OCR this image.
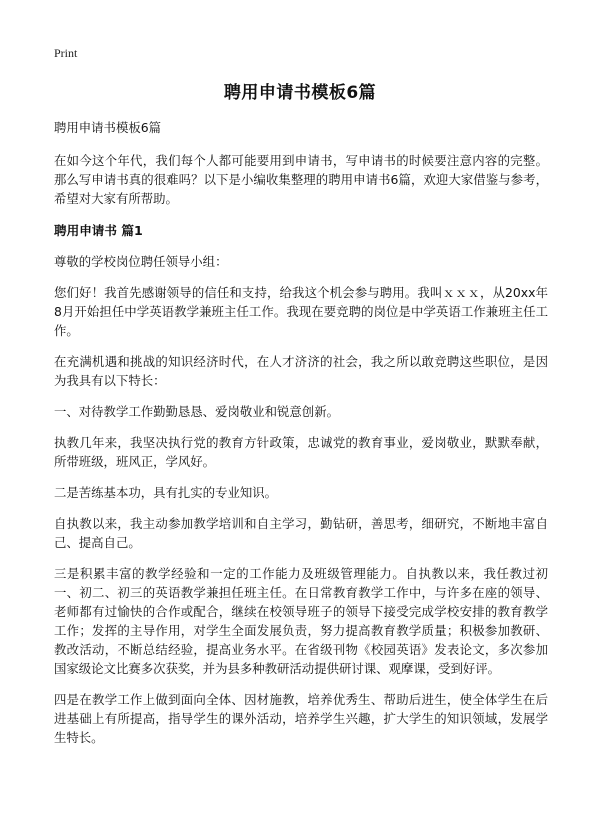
Print
聘用申请书模板6篇

聘用申请书模板6篇

在如今这个年代，我们每个人都可能要用到申请书，写申请书的时候要注意内容的完整。那么写申请书真的很难吗？以下是小编收集整理的聘用申请书6篇，欢迎大家借鉴与参考，希望对大家有所帮助。

聘用申请书 篇1

尊敬的学校岗位聘任领导小组：

您们好！我首先感谢领导的信任和支持，给我这个机会参与聘用。我叫ｘｘｘ，从20xx年8月开始担任中学英语教学兼班主任工作。我现在要竞聘的岗位是中学英语工作兼班主任工作。

在充满机遇和挑战的知识经济时代，在人才济济的社会，我之所以敢竞聘这些职位，是因为我具有以下特长：

一、对待教学工作勤勤恳恳、爱岗敬业和锐意创新。

执教几年来，我坚决执行党的教育方针政策，忠诚党的教育事业，爱岗敬业，默默奉献，所带班级，班风正，学风好。

二是苦练基本功，具有扎实的专业知识。

自执教以来，我主动参加教学培训和自主学习，勤钻研，善思考，细研究，不断地丰富自己、提高自己。

三是积累丰富的教学经验和一定的工作能力及班级管理能力。自执教以来，我任教过初一、初二、初三的英语教学兼担任班主任。在日常教育教学工作中，与许多在座的领导、老师都有过愉快的合作或配合，继续在校领导班子的领导下接受完成学校安排的教育教学工作；发挥的主导作用，对学生全面发展负责，努力提高教育教学质量；积极参加教研、教改活动，不断总结经验，提高业务水平。在省级刊物《校园英语》发表论文，多次参加国家级论文比赛多次获奖，并为县多种教研活动提供研讨课、观摩课，受到好评。

四是在教学工作上做到面向全体、因材施教，培养优秀生、帮助后进生，使全体学生在后进基础上有所提高，指导学生的课外活动，培养学生兴趣，扩大学生的知识领域，发展学生特长。
